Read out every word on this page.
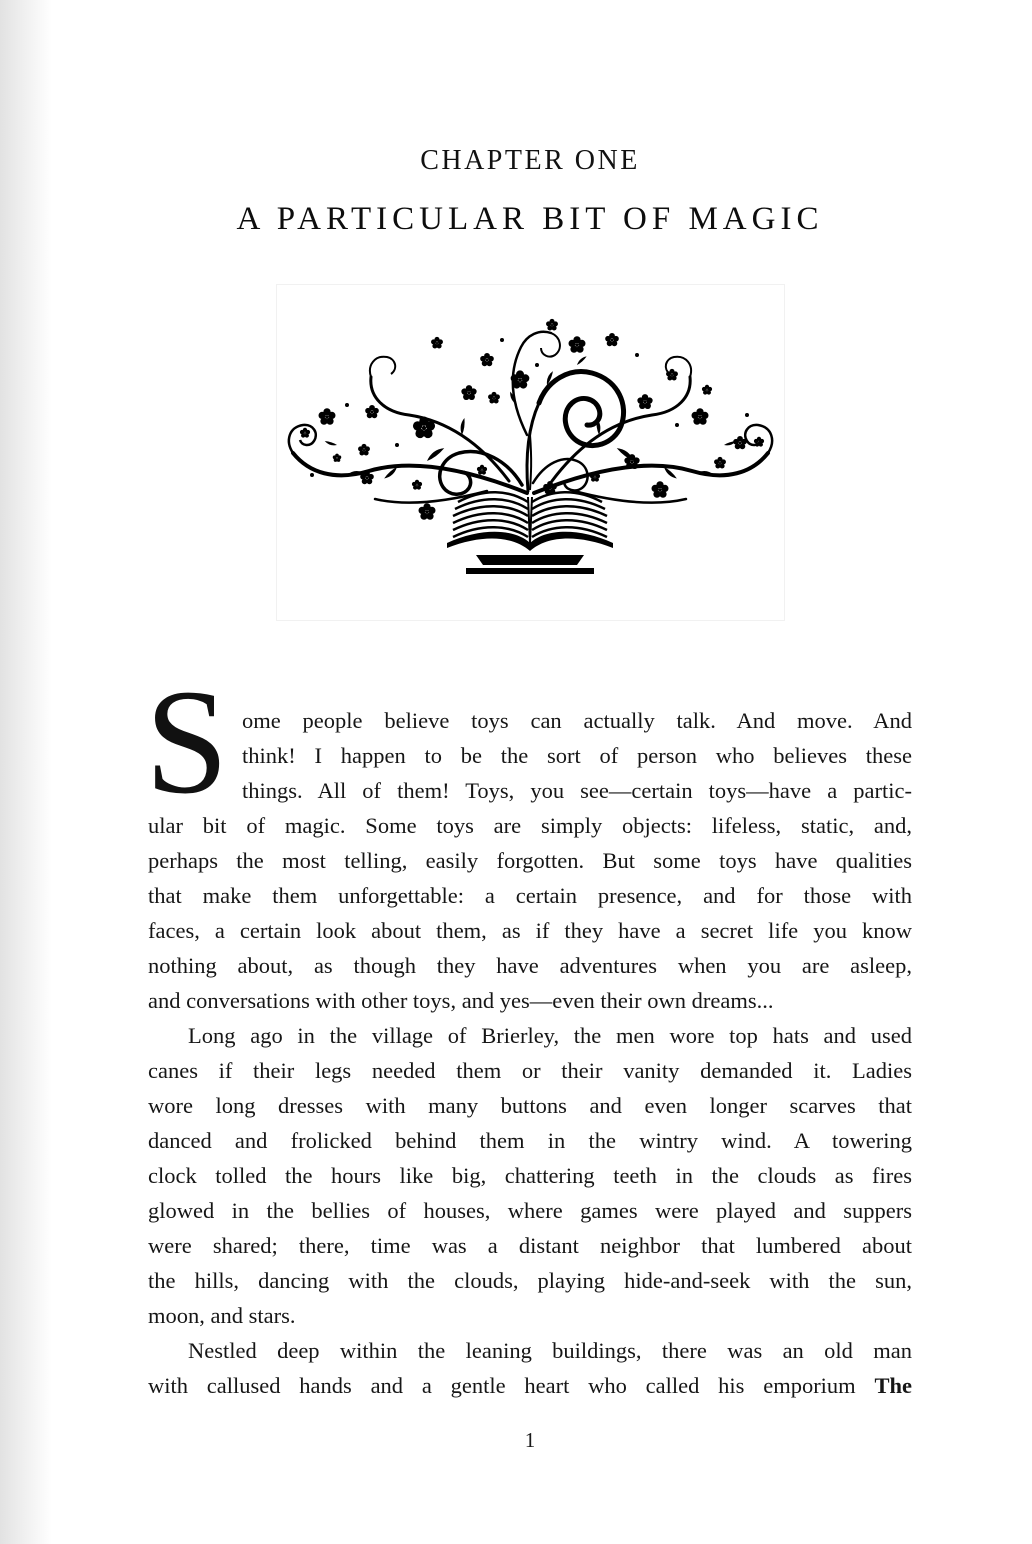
CHAPTER ONE
A PARTICULAR BIT OF MAGIC
S ome people believe toys can actually talk. And move. And
think! I happen to be the sort of person who believes these
things. All of them! Toys, you see—certain toys—have a partic-
ular bit of magic. Some toys are simply objects: lifeless, static, and,
perhaps the most telling, easily forgotten. But some toys have qualities
that make them unforgettable: a certain presence, and for those with
faces, a certain look about them, as if they have a secret life you know
nothing about, as though they have adventures when you are asleep,
and conversations with other toys, and yes—even their own dreams...
Long ago in the village of Brierley, the men wore top hats and used
canes if their legs needed them or their vanity demanded it. Ladies
wore long dresses with many buttons and even longer scarves that
danced and frolicked behind them in the wintry wind. A towering
clock tolled the hours like big, chattering teeth in the clouds as fires
glowed in the bellies of houses, where games were played and suppers
were shared; there, time was a distant neighbor that lumbered about
the hills, dancing with the clouds, playing hide-and-seek with the sun,
moon, and stars.
Nestled deep within the leaning buildings, there was an old man
with callused hands and a gentle heart who called his emporium The
1
